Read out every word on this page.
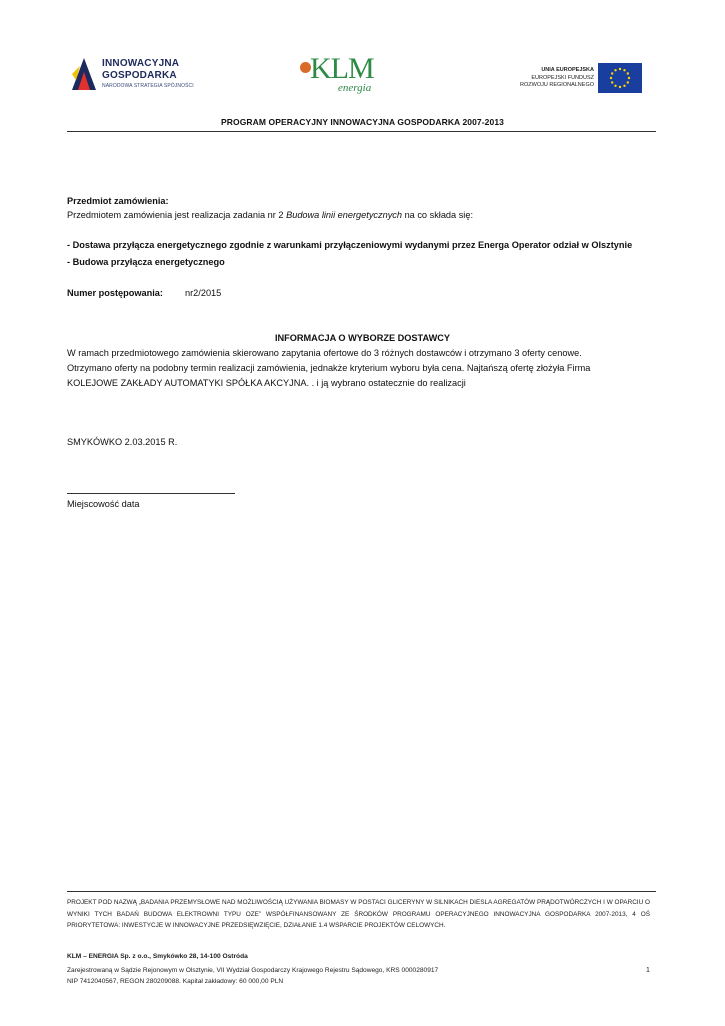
INNOWACYJNA
GOSPODARKA
NARODOWA STRATEGIA SPÓJNOŚCI
KLM
energia
UNIA EUROPEJSKA
EUROPEJSKI FUNDUSZ
ROZWOJU REGIONALNEGO
PROGRAM OPERACYJNY INNOWACYJNA GOSPODARKA 2007-2013
Przedmiot zamówienia:
Przedmiotem zamówienia jest realizacja zadania nr 2 Budowa linii energetycznych na co składa się:
- Dostawa przyłącza energetycznego zgodnie z warunkami przyłączeniowymi wydanymi przez Energa Operator odział w Olsztynie
- Budowa przyłącza energetycznego
Numer postępowania: nr2/2015
INFORMACJA O WYBORZE DOSTAWCY
W ramach przedmiotowego zamówienia skierowano zapytania ofertowe do 3 różnych dostawców i otrzymano 3 oferty cenowe.
Otrzymano oferty na podobny termin realizacji zamówienia, jednakże kryterium wyboru była cena. Najtańszą ofertę złożyła Firma
KOLEJOWE ZAKŁADY AUTOMATYKI SPÓŁKA AKCYJNA. . i ją wybrano ostatecznie do realizacji
SMYKÓWKO 2.03.2015 R.
Miejscowość data
PROJEKT POD NAZWĄ „BADANIA PRZEMYSŁOWE NAD MOŻLIWOŚCIĄ UŻYWANIA BIOMASY W POSTACI GLICERYNY W SILNIKACH DIESLA AGREGATÓW PRĄDOTWÓRCZYCH I W OPARCIU O WYNIKI TYCH BADAŃ BUDOWA ELEKTROWNI TYPU OZE” WSPÓŁFINANSOWANY ZE ŚRODKÓW PROGRAMU OPERACYJNEGO INNOWACYJNA GOSPODARKA 2007-2013, 4 OŚ PRIORYTETOWA: INWESTYCJE W INNOWACYJNE PRZEDSIĘWZIĘCIE, DZIAŁANIE 1.4 WSPARCIE PROJEKTÓW CELOWYCH.
KLM – ENERGIA Sp. z o.o., Smykówko 28, 14-100 Ostróda
Zarejestrowaną w Sądzie Rejonowym w Olsztynie, VII Wydział Gospodarczy Krajowego Rejestru Sądowego, KRS 0000280917
NIP 7412040567, REGON 280209088. Kapitał zakładowy: 60 000,00 PLN
1
